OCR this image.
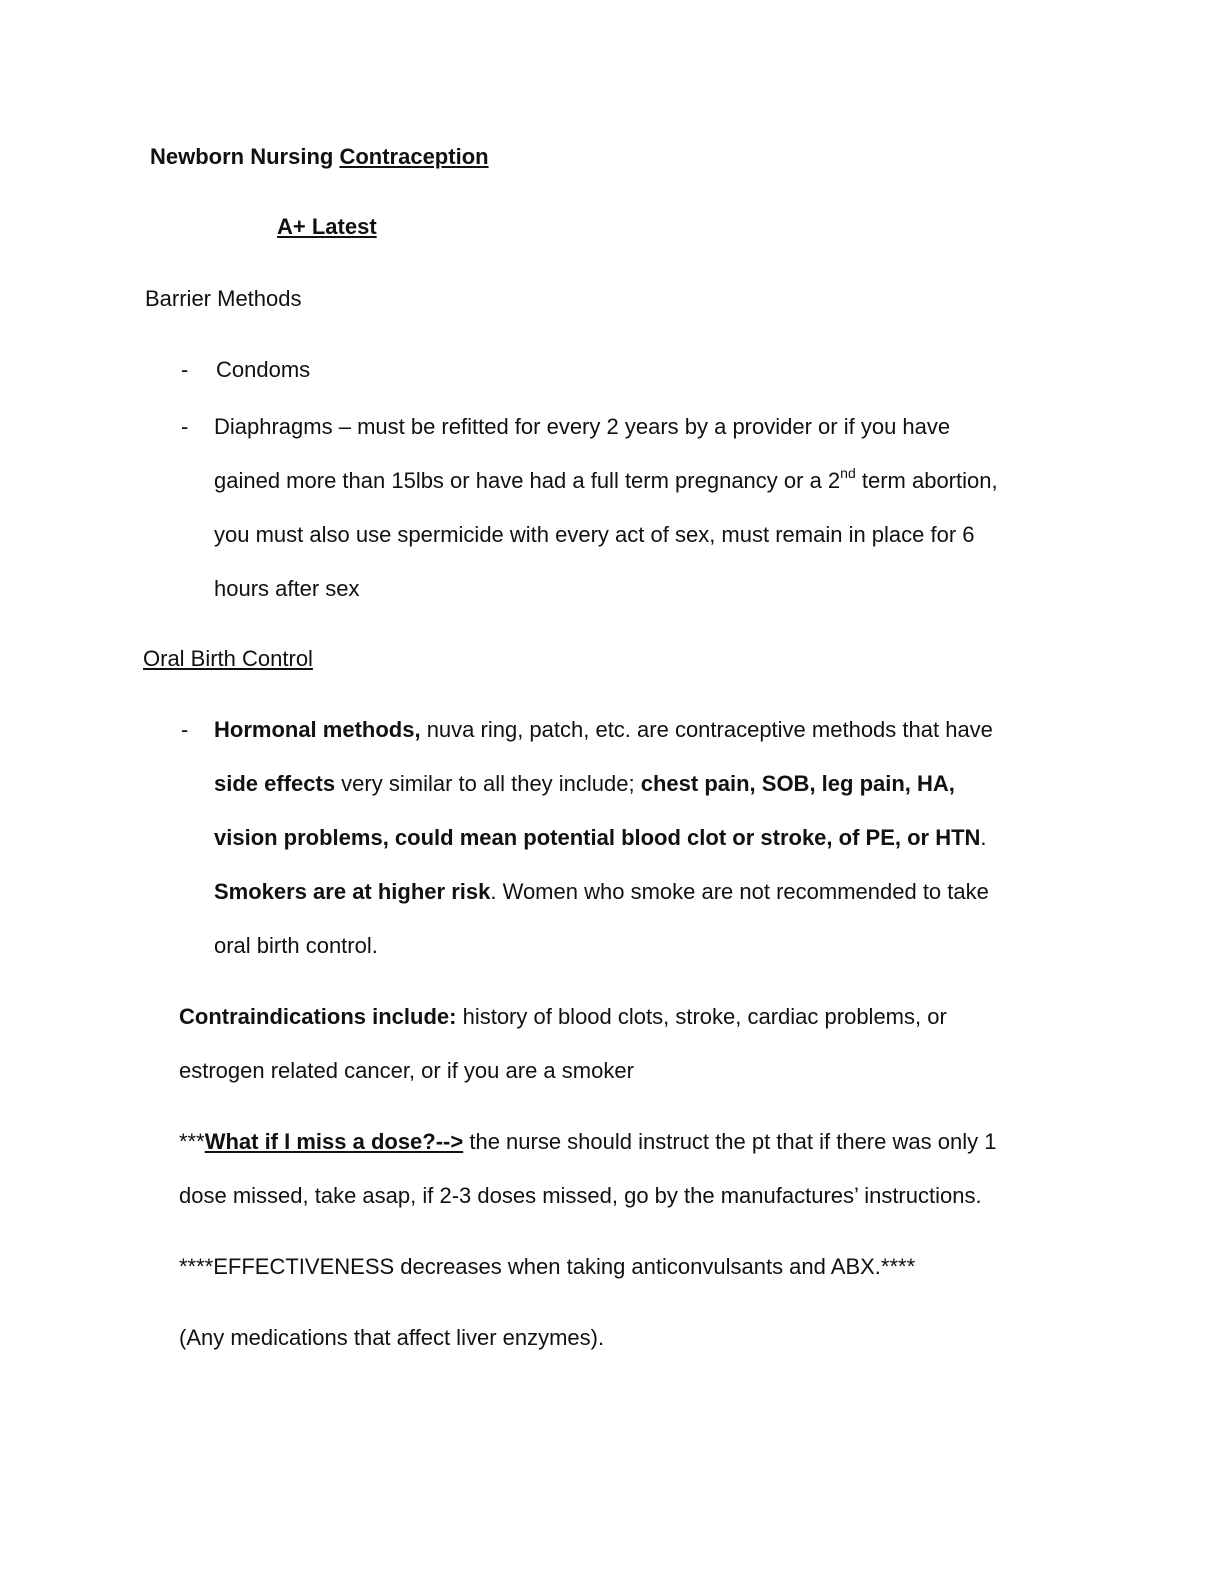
Newborn Nursing Contraception
A+ Latest
Barrier Methods
- Condoms
- Diaphragms – must be refitted for every 2 years by a provider or if you have
gained more than 15lbs or have had a full term pregnancy or a 2nd term abortion,
you must also use spermicide with every act of sex, must remain in place for 6
hours after sex
Oral Birth Control
- Hormonal methods, nuva ring, patch, etc. are contraceptive methods that have
side effects very similar to all they include; chest pain, SOB, leg pain, HA,
vision problems, could mean potential blood clot or stroke, of PE, or HTN.
Smokers are at higher risk. Women who smoke are not recommended to take
oral birth control.
Contraindications include: history of blood clots, stroke, cardiac problems, or
estrogen related cancer, or if you are a smoker
***What if I miss a dose?--> the nurse should instruct the pt that if there was only 1
dose missed, take asap, if 2-3 doses missed, go by the manufactures’ instructions.
****EFFECTIVENESS decreases when taking anticonvulsants and ABX.****
(Any medications that affect liver enzymes).
